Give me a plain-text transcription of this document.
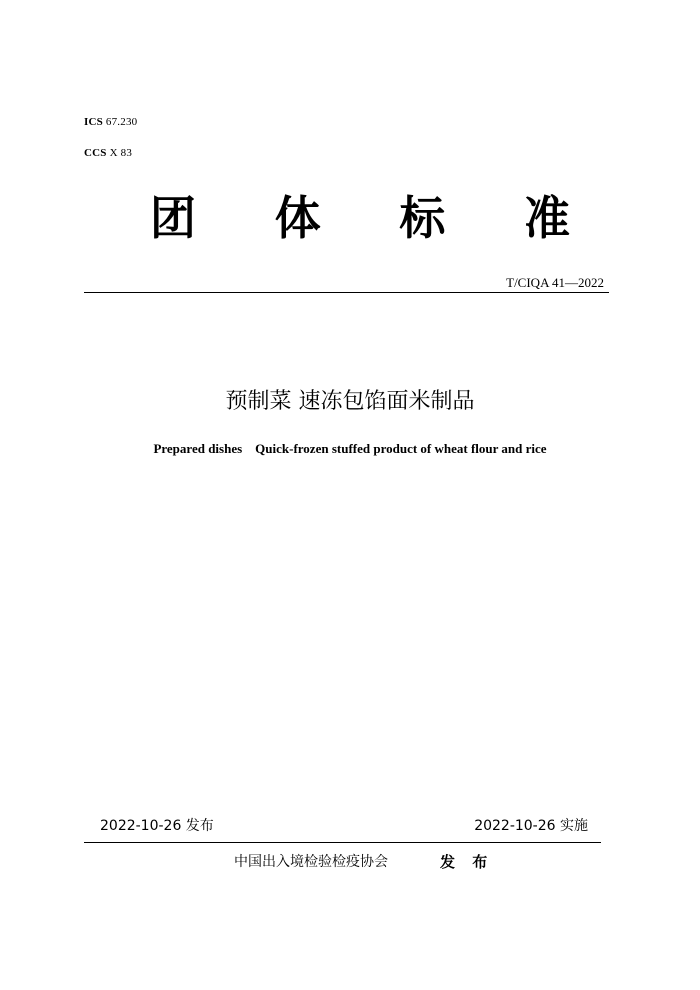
ICS 67.230
CCS X 83
团 体 标 准
T/CIQA 41—2022
预制菜 速冻包馅面米制品
Prepared dishes    Quick-frozen stuffed product of wheat flour and rice
2022-10-26 发布	2022-10-26 实施
中国出入境检验检疫协会	发 布
